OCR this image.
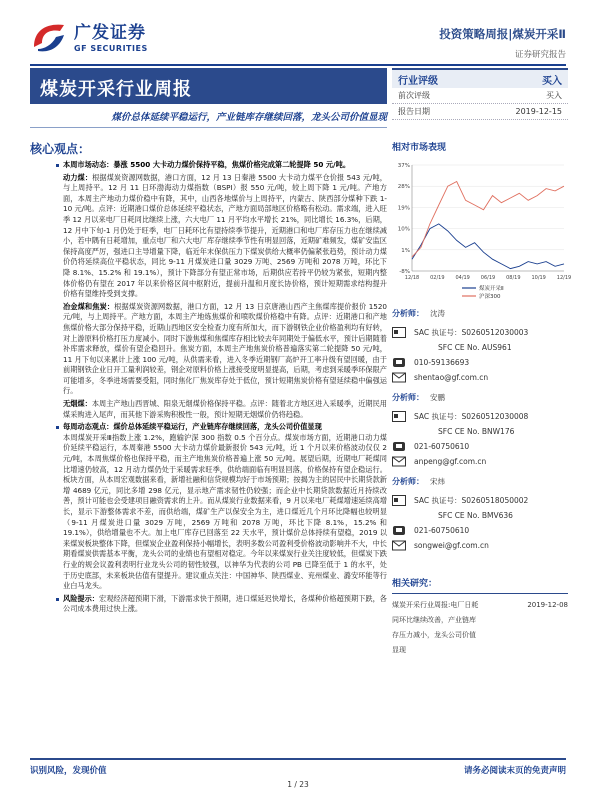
广发证券
GF SECURITIES
投资策略周报|煤炭开采Ⅱ
证券研究报告
煤炭开采行业周报
煤价总体延续平稳运行，产业链库存继续回落，龙头公司价值显现
行业评级	买入
前次评级	买入
报告日期	2019-12-15
核心观点：
本周市场动态：暴涨 5500 大卡动力煤价保持平稳，焦煤价格完成第二轮提降 50 元/吨。
动力煤：根据煤炭资源网数据，港口方面，12 月 13 日秦港 5500 大卡动力煤平仓价报 543 元/吨，与上周持平。12 月 11 日环渤海动力煤指数（BSPI）报 550 元/吨，较上周下降 1 元/吨。产地方面，本周主产地动力煤价稳中有降，其中，山西各地煤价与上周持平，内蒙古、陕西部分煤种下跌 1-10 元/吨。点评：近期港口煤价总体延续平稳状态，产地方面局部地区价格略有松动。需求端，进入旺季 12 月以来电厂日耗同比继续上涨，六大电厂 11 月平均水平增长 21%，同比增长 16.3%，后期，12 月中下旬-1 月仍处于旺季，电厂日耗环比有望持续季节提升，近期港口和电厂库存压力也在继续减小，若中隅有日耗增加，重点电厂和六大电厂库存继续季节性有明显回落，近期矿难频发，煤矿安监区保持高度严厉，强进口主导增量下降，临近年末保供压力下煤炭供给大概率仍偏紧张趋势，预计动力煤价仍将延续高位平稳状态，同比 9-11 月煤炭进口量 3029 万吨、2569 万吨和 2078 万吨，环比下降 8.1%、15.2% 和 19.1%），预计下降部分有望正常市场，后期供应若持平仍较为紧张，短期内整体价格仍有望在 2017 年以来价格区间中枢附近，提前升温和月度长协价格，预计短期需求结构提升价格有望维持受到支撑。
冶金煤和焦炭：根据煤炭资源网数据，港口方面，12 月 13 日京唐港山西产主焦煤库提价报价 1520 元/吨，与上周持平。产地方面，本周主产地炼焦煤价和喷吹煤价格稳中有降。点评：近期港口和产地焦煤价格大部分保持平稳，近期山西地区安全检查力度有所加大，而下游钢铁企业价格盈利均有好转，对上游原料价格打压力度减小。同时下游焦煤和焦煤库存相比较去年同期处于偏低水平，预计后期随着补库需求释放，煤价有望企稳回升。焦炭方面，本周主产地焦炭价格普遍落实第二轮提降 50 元/吨，11 月下旬以来累计上涨 100 元/吨，从供需来看，进入冬季近期钢厂高炉开工率升级有望回暖，由于前期钢铁企业日开工量利润较差，钢企对原料价格上涨接受度明显提高，后期，考虑到采暖季环保限产可能增多，冬季进场需要受阻，同时焦化厂焦炭库存处于低位，预计短期焦炭价格有望延续稳中偏强运行。
无烟煤：本周主产地山西晋城、阳泉无烟煤价格保持平稳。点评：随着北方地区进入采暖季，近期民用煤采购进入尾声，而其他下游采购积极性一般，预计短期无烟煤价仍将趋稳。
每周动态观点：煤价总体延续平稳运行，产业链库存继续回落，龙头公司价值显现
本周煤炭开采Ⅲ指数上涨 1.2%，跑输沪深 300 指数 0.5 个百分点。煤炭市场方面，近期港口动力煤价延续平稳运行，本周秦港 5500 大卡动力煤价最新报价 543 元/吨，近 1 个月以来价格波动仅仅 2 元/吨，本周焦煤价格也保持平稳，而主产地焦炭价格普遍上涨 50 元/吨。展望后期，近期电厂耗煤同比增速仍较高，12 月动力煤仍处于采暖需求旺季，供给端面临有明显回落，价格保持有望企稳运行。板块方面，从本周宏观数据来看，新增社融和信贷规模均好于市场预期；按揭为主的居民中长期贷款新增 4689 亿元，同比多增 298 亿元，显示地产需求韧性仍较强；而企业中长期贷款数据近月持续改善，预计可能也会受建项目融资需求的上升。而从煤炭行业数据来看，9 月以来电厂耗煤增速延续高增长，显示下游整体需求不差，而供给端，煤矿生产以保安全为主，进口煤近几个月环比降幅也较明显（9-11 月煤炭进口量 3029 万吨，2569 万吨和 2078 万吨，环比下降 8.1%，15.2% 和 19.1%），供给增量也不大。加上电厂库存已回落至 22 天水平，预计煤价总体持续有望稳，2019 以来煤炭板块整体下降，但煤炭企业盈利保持小幅增长，表明多数公司盈利受价格波动影响并不大，中长期看煤炭供需基本平衡，龙头公司的业绩也有望相对稳定。今年以来煤炭行业关注度较低，但煤炭下跌行业的规会议盈利表明行业龙头公司的韧性较强，以神华为代表的公司 PB 已降至低于 1 的水平，处于历史底部，未来板块估值有望提升。建议重点关注：中国神华、陕西煤业、兖州煤业、潞安环能等行业白马龙头。
风险提示：宏观经济超预期下滑，下游需求快于预期，进口煤延迟快增长，各煤种价格超预期下跌，各公司成本费用过快上涨。
相对市场表现
-8%
1%
10%
19%
28%
37%
12/18 02/19 04/19 06/19 08/19 10/19 12/19
煤炭开采Ⅱ
沪深300
分析师： 沈涛
SAC 执证号：S0260512030003
SFC CE No. AUS961
010-59136693
shentao@gf.com.cn
分析师： 安鹏
SAC 执证号：S0260512030008
SFC CE No. BNW176
021-60750610
anpeng@gf.com.cn
分析师： 宋炜
SAC 执证号：S0260518050002
SFC CE No. BMV636
021-60750610
songwei@gf.com.cn
相关研究：
煤炭开采行业周报:电厂日耗	2019-12-08
同环比继续改善，产业链库
存压力减小，龙头公司价值
显现
识别风险，发现价值	请务必阅读末页的免责声明
1 / 23
